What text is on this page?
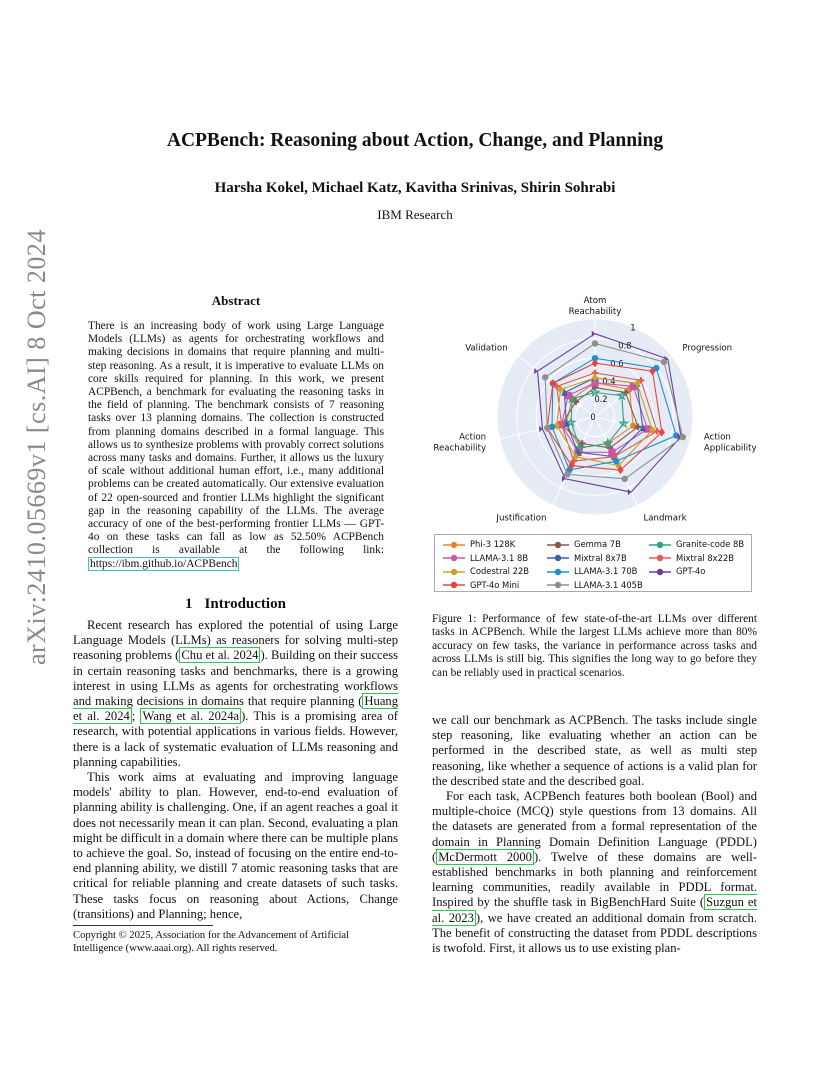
arXiv:2410.05669v1 [cs.AI] 8 Oct 2024
ACPBench: Reasoning about Action, Change, and Planning
Harsha Kokel, Michael Katz, Kavitha Srinivas, Shirin Sohrabi
IBM Research
Abstract
There is an increasing body of work using Large Language Models (LLMs) as agents for orchestrating workflows and making decisions in domains that require planning and multi-step reasoning. As a result, it is imperative to evaluate LLMs on core skills required for planning. In this work, we present ACPBench, a benchmark for evaluating the reasoning tasks in the field of planning. The benchmark consists of 7 reasoning tasks over 13 planning domains. The collection is constructed from planning domains described in a formal language. This allows us to synthesize problems with provably correct solutions across many tasks and domains. Further, it allows us the luxury of scale without additional human effort, i.e., many additional problems can be created automatically. Our extensive evaluation of 22 open-sourced and frontier LLMs highlight the significant gap in the reasoning capability of the LLMs. The average accuracy of one of the best-performing frontier LLMs — GPT-4o on these tasks can fall as low as 52.50% ACPBench collection is available at the following link: https://ibm.github.io/ACPBench
1 Introduction

Recent research has explored the potential of using Large Language Models (LLMs) as reasoners for solving multi-step reasoning problems ( Chu et al. 2024 ). Building on their success in certain reasoning tasks and benchmarks, there is a growing interest in using LLMs as agents for orchestrating workflows and making decisions in domains that require planning ( Huang et al. 2024 ; Wang et al. 2024a ). This is a promising area of research, with potential applications in various fields. However, there is a lack of systematic evaluation of LLMs reasoning and planning capabilities.

This work aims at evaluating and improving language models' ability to plan. However, end-to-end evaluation of planning ability is challenging. One, if an agent reaches a goal it does not necessarily mean it can plan. Second, evaluating a plan might be difficult in a domain where there can be multiple plans to achieve the goal. So, instead of focusing on the entire end-to-end planning ability, we distill 7 atomic reasoning tasks that are critical for reliable planning and create datasets of such tasks. These tasks focus on reasoning about Actions, Change (transitions) and Planning; hence,

Copyright © 2025, Association for the Advancement of Artificial Intelligence (www.aaai.org). All rights reserved.
0
0.2
0.4
0.6
0.8
1
Atom
Reachability
Progression
Action
Applicability
Landmark
Justification
Action
Reachability
Validation
Phi-3 128K
LLAMA-3.1 8B
Codestral 22B
GPT-4o Mini
Gemma 7B
Mixtral 8x7B
LLAMA-3.1 70B
LLAMA-3.1 405B
Granite-code 8B
Mixtral 8x22B
GPT-4o
Figure 1: Performance of few state-of-the-art LLMs over different tasks in ACPBench. While the largest LLMs achieve more than 80% accuracy on few tasks, the variance in performance across tasks and across LLMs is still big. This signifies the long way to go before they can be reliably used in practical scenarios.

we call our benchmark as ACPBench. The tasks include single step reasoning, like evaluating whether an action can be performed in the described state, as well as multi step reasoning, like whether a sequence of actions is a valid plan for the described state and the described goal.

For each task, ACPBench features both boolean (Bool) and multiple-choice (MCQ) style questions from 13 domains. All the datasets are generated from a formal representation of the domain in Planning Domain Definition Language (PDDL) ( McDermott 2000 ). Twelve of these domains are well-established benchmarks in both planning and reinforcement learning communities, readily available in PDDL format. Inspired by the shuffle task in BigBenchHard Suite ( Suzgun et al. 2023 ), we have created an additional domain from scratch. The benefit of constructing the dataset from PDDL descriptions is twofold. First, it allows us to use existing plan-
